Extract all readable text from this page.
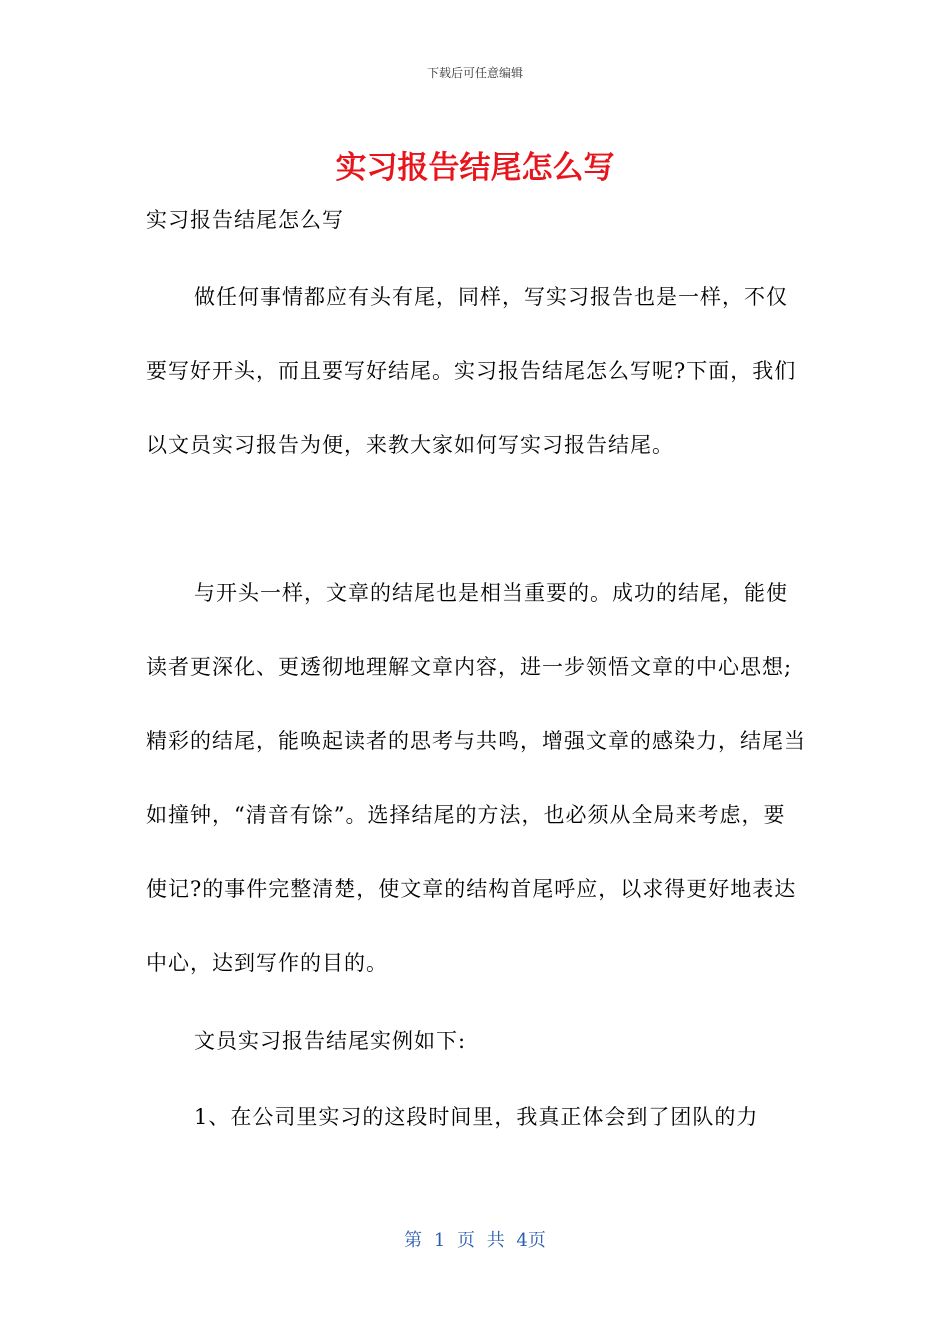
下载后可任意编辑
实习报告结尾怎么写

实习报告结尾怎么写

做任何事情都应有头有尾，同样，写实习报告也是一样，不仅要写好开头，而且要写好结尾。实习报告结尾怎么写呢?下面，我们以文员实习报告为便，来教大家如何写实习报告结尾。

与开头一样，文章的结尾也是相当重要的。成功的结尾，能使读者更深化、更透彻地理解文章内容，进一步领悟文章的中心思想;精彩的结尾，能唤起读者的思考与共鸣，增强文章的感染力，结尾当如撞钟，“清音有馀”。选择结尾的方法，也必须从全局来考虑，要使记?的事件完整清楚，使文章的结构首尾呼应，以求得更好地表达中心，达到写作的目的。

文员实习报告结尾实例如下:

1、在公司里实习的这段时间里，我真正体会到了团队的力

第 1 页 共 4页
